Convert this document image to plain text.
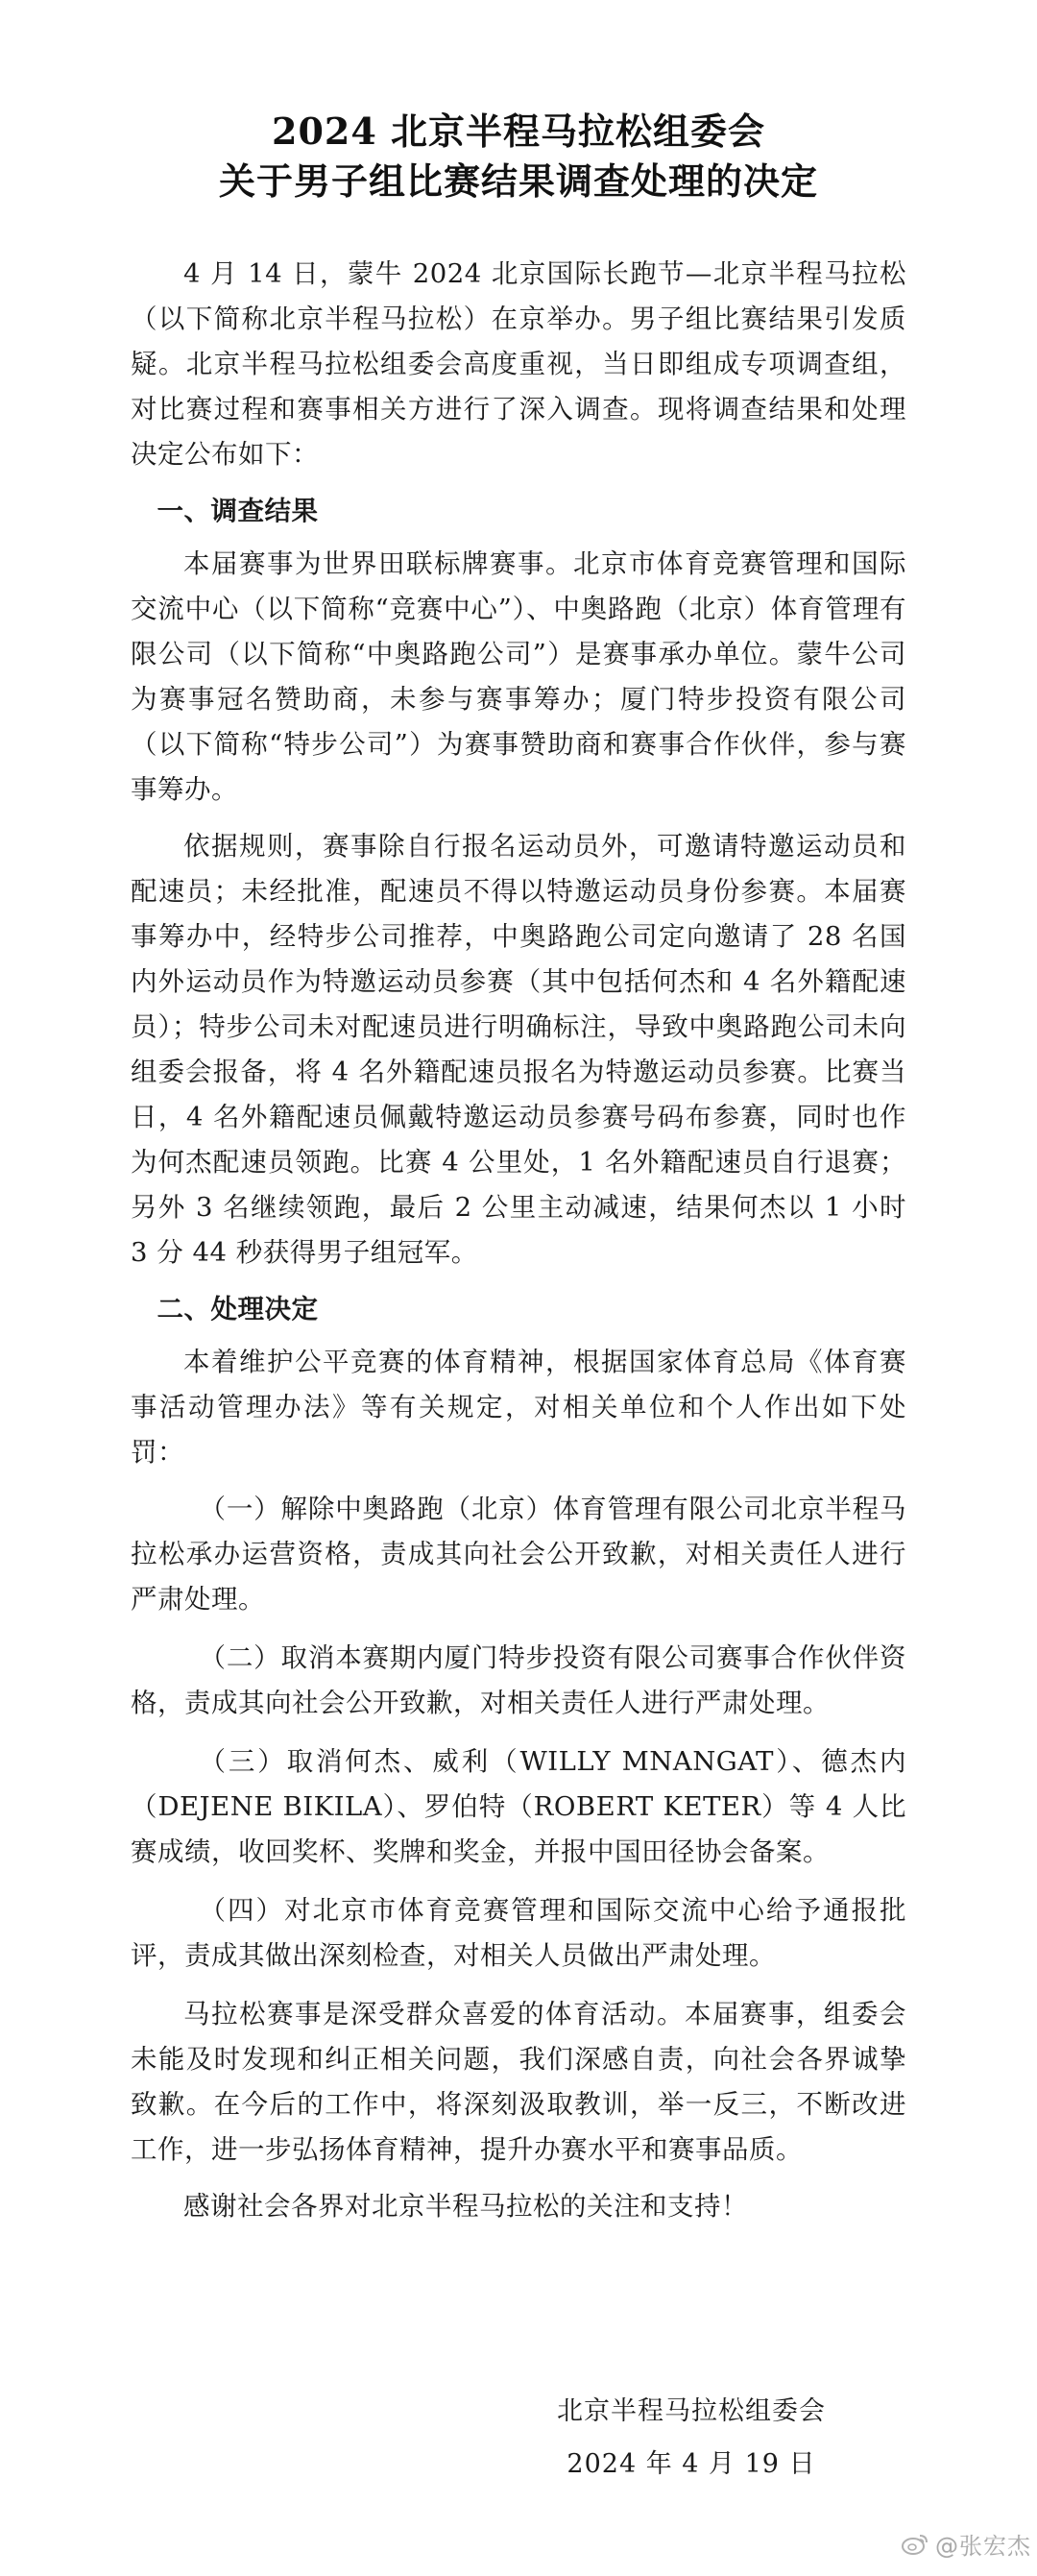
2024 北京半程马拉松组委会
关于男子组比赛结果调查处理的决定

4 月 14 日，蒙牛 2024 北京国际长跑节—北京半程马拉松（以下简称北京半程马拉松）在京举办。男子组比赛结果引发质疑。北京半程马拉松组委会高度重视，当日即组成专项调查组，对比赛过程和赛事相关方进行了深入调查。现将调查结果和处理决定公布如下：

一、调查结果

本届赛事为世界田联标牌赛事。北京市体育竞赛管理和国际交流中心（以下简称“竞赛中心”）、中奥路跑（北京）体育管理有限公司（以下简称“中奥路跑公司”）是赛事承办单位。蒙牛公司为赛事冠名赞助商，未参与赛事筹办；厦门特步投资有限公司（以下简称“特步公司”）为赛事赞助商和赛事合作伙伴，参与赛事筹办。

依据规则，赛事除自行报名运动员外，可邀请特邀运动员和配速员；未经批准，配速员不得以特邀运动员身份参赛。本届赛事筹办中，经特步公司推荐，中奥路跑公司定向邀请了 28 名国内外运动员作为特邀运动员参赛（其中包括何杰和 4 名外籍配速员）；特步公司未对配速员进行明确标注，导致中奥路跑公司未向组委会报备，将 4 名外籍配速员报名为特邀运动员参赛。比赛当日，4 名外籍配速员佩戴特邀运动员参赛号码布参赛，同时也作为何杰配速员领跑。比赛 4 公里处，1 名外籍配速员自行退赛；另外 3 名继续领跑，最后 2 公里主动减速，结果何杰以 1 小时 3 分 44 秒获得男子组冠军。

二、处理决定

本着维护公平竞赛的体育精神，根据国家体育总局《体育赛事活动管理办法》等有关规定，对相关单位和个人作出如下处罚：

（一）解除中奥路跑（北京）体育管理有限公司北京半程马拉松承办运营资格，责成其向社会公开致歉，对相关责任人进行严肃处理。

（二）取消本赛期内厦门特步投资有限公司赛事合作伙伴资格，责成其向社会公开致歉，对相关责任人进行严肃处理。

（三）取消何杰、威利（WILLY MNANGAT）、德杰内（DEJENE BIKILA）、罗伯特（ROBERT KETER）等 4 人比赛成绩，收回奖杯、奖牌和奖金，并报中国田径协会备案。

（四）对北京市体育竞赛管理和国际交流中心给予通报批评，责成其做出深刻检查，对相关人员做出严肃处理。

马拉松赛事是深受群众喜爱的体育活动。本届赛事，组委会未能及时发现和纠正相关问题，我们深感自责，向社会各界诚挚致歉。在今后的工作中，将深刻汲取教训，举一反三，不断改进工作，进一步弘扬体育精神，提升办赛水平和赛事品质。

感谢社会各界对北京半程马拉松的关注和支持！

北京半程马拉松组委会
2024 年 4 月 19 日
@张宏杰
